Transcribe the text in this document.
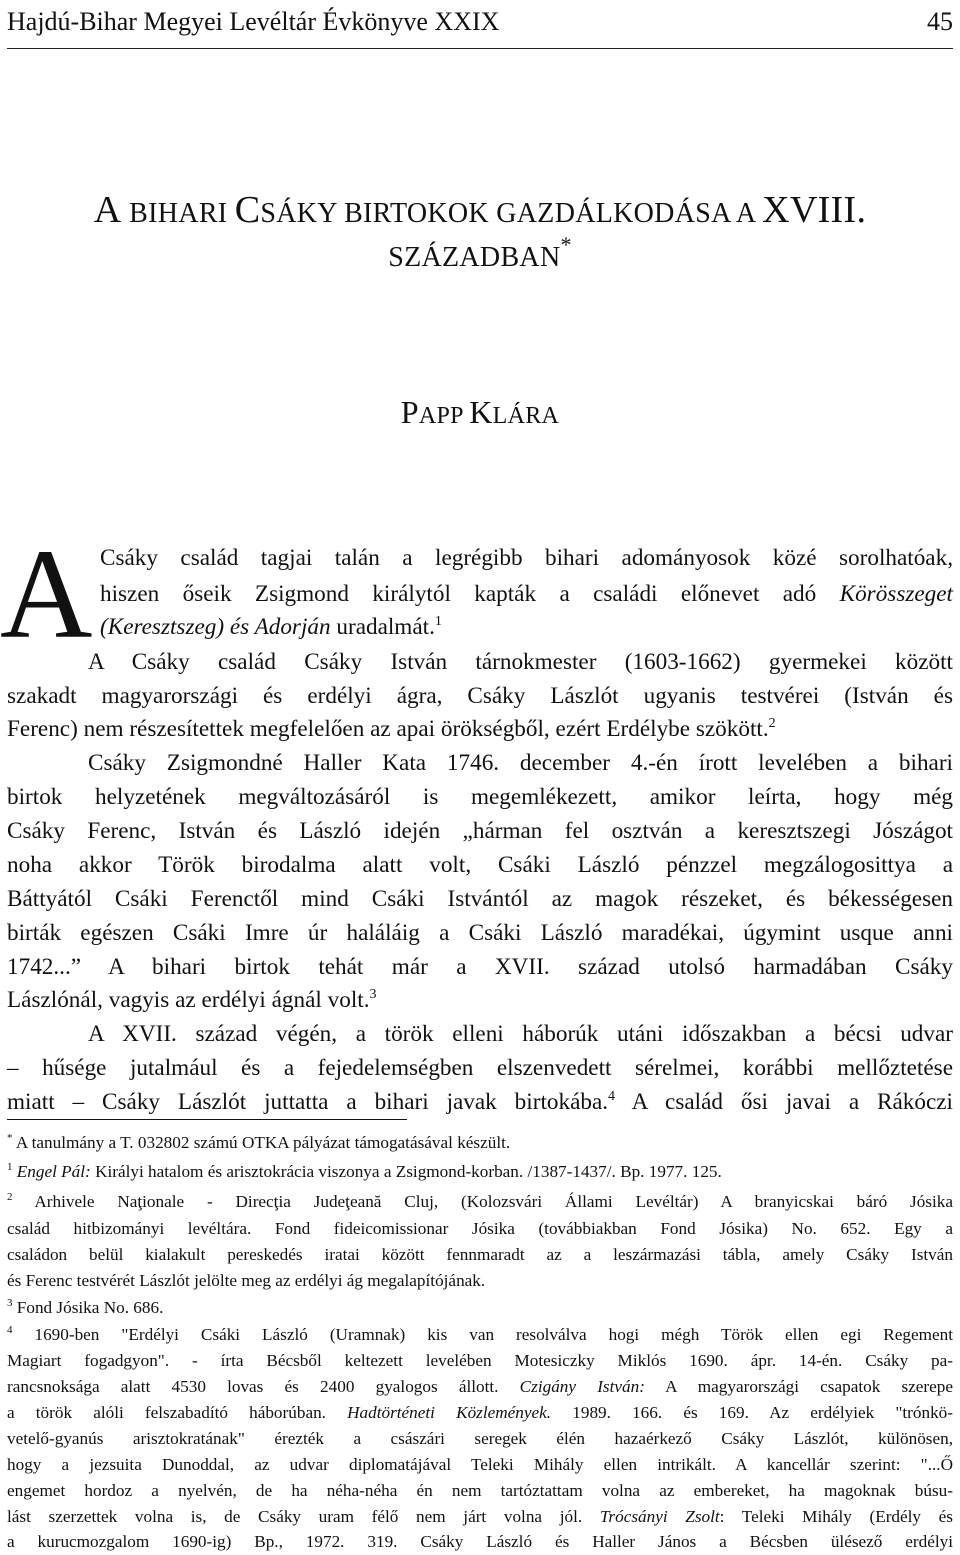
Hajdú-Bihar Megyei Levéltár Évkönyve XXIX	45
A BIHARI CSÁKY BIRTOKOK GAZDÁLKODÁSA A XVIII.
SZÁZADBAN*
PAPP KLÁRA
A Csáky család tagjai talán a legrégibb bihari adományosok közé sorolhatóak,
hiszen őseik Zsigmond királytól kapták a családi előnevet adó Körösszeget
(Keresztszeg) és Adorján uradalmát.$^1$
A Csáky család Csáky István tárnokmester (1603-1662) gyermekei között
szakadt magyarországi és erdélyi ágra, Csáky Lászlót ugyanis testvérei (István és
Ferenc) nem részesítettek megfelelően az apai örökségből, ezért Erdélybe szökött.$^2$
Csáky Zsigmondné Haller Kata 1746. december 4.-én írott levelében a bihari
birtok helyzetének megváltozásáról is megemlékezett, amikor leírta, hogy még
Csáky Ferenc, István és László idején „hárman fel osztván a keresztszegi Jószágot
noha akkor Török birodalma alatt volt, Csáki László pénzzel megzálogosittya a
Báttyától Csáki Ferenctől mind Csáki Istvántól az magok részeket, és békességesen
birták egészen Csáki Imre úr haláláig a Csáki László maradékai, úgymint usque anni
1742...” A bihari birtok tehát már a XVII. század utolsó harmadában Csáky
Lászlónál, vagyis az erdélyi ágnál volt.$^3$
A XVII. század végén, a török elleni háborúk utáni időszakban a bécsi udvar
– hűsége jutalmául és a fejedelemségben elszenvedett sérelmei, korábbi mellőztetése
miatt – Csáky Lászlót juttatta a bihari javak birtokába.$^4$ A család ősi javai a Rákóczi
* A tanulmány a T. 032802 számú OTKA pályázat támogatásával készült.
$^1$ Engel Pál: Királyi hatalom és arisztokrácia viszonya a Zsigmond-korban. /1387-1437/. Bp. 1977. 125.
$^2$ Arhivele Naţionale - Direcţia Judeţeană Cluj, (Kolozsvári Állami Levéltár) A branyicskai báró Jósika
család hitbizományi levéltára. Fond fideicomissionar Jósika (továbbiakban Fond Jósika) No. 652. Egy a
családon belül kialakult pereskedés iratai között fennmaradt az a leszármazási tábla, amely Csáky István
és Ferenc testvérét Lászlót jelölte meg az erdélyi ág megalapítójának.
$^3$ Fond Jósika No. 686.
$^4$ 1690-ben "Erdélyi Csáki László (Uramnak) kis van resolválva hogi mégh Török ellen egi Regement
Magiart fogadgyon". - írta Bécsből keltezett levelében Motesiczky Miklós 1690. ápr. 14-én. Csáky pa-
rancsnoksága alatt 4530 lovas és 2400 gyalogos állott. Czigány István: A magyarországi csapatok szerepe
a török alóli felszabadító háborúban. Hadtörténeti Közlemények. 1989. 166. és 169. Az erdélyiek "trónkö-
vetelő-gyanús arisztokratának" érezték a császári seregek élén hazaérkező Csáky Lászlót, különösen,
hogy a jezsuita Dunoddal, az udvar diplomatájával Teleki Mihály ellen intrikált. A kancellár szerint: "...Ő
engemet hordoz a nyelvén, de ha néha-néha én nem tartóztattam volna az embereket, ha magoknak búsu-
lást szerzettek volna is, de Csáky uram félő nem járt volna jól. Trócsányi Zsolt: Teleki Mihály (Erdély és
a kurucmozgalom 1690-ig) Bp., 1972. 319. Csáky László és Haller János a Bécsben ülésező erdélyi
